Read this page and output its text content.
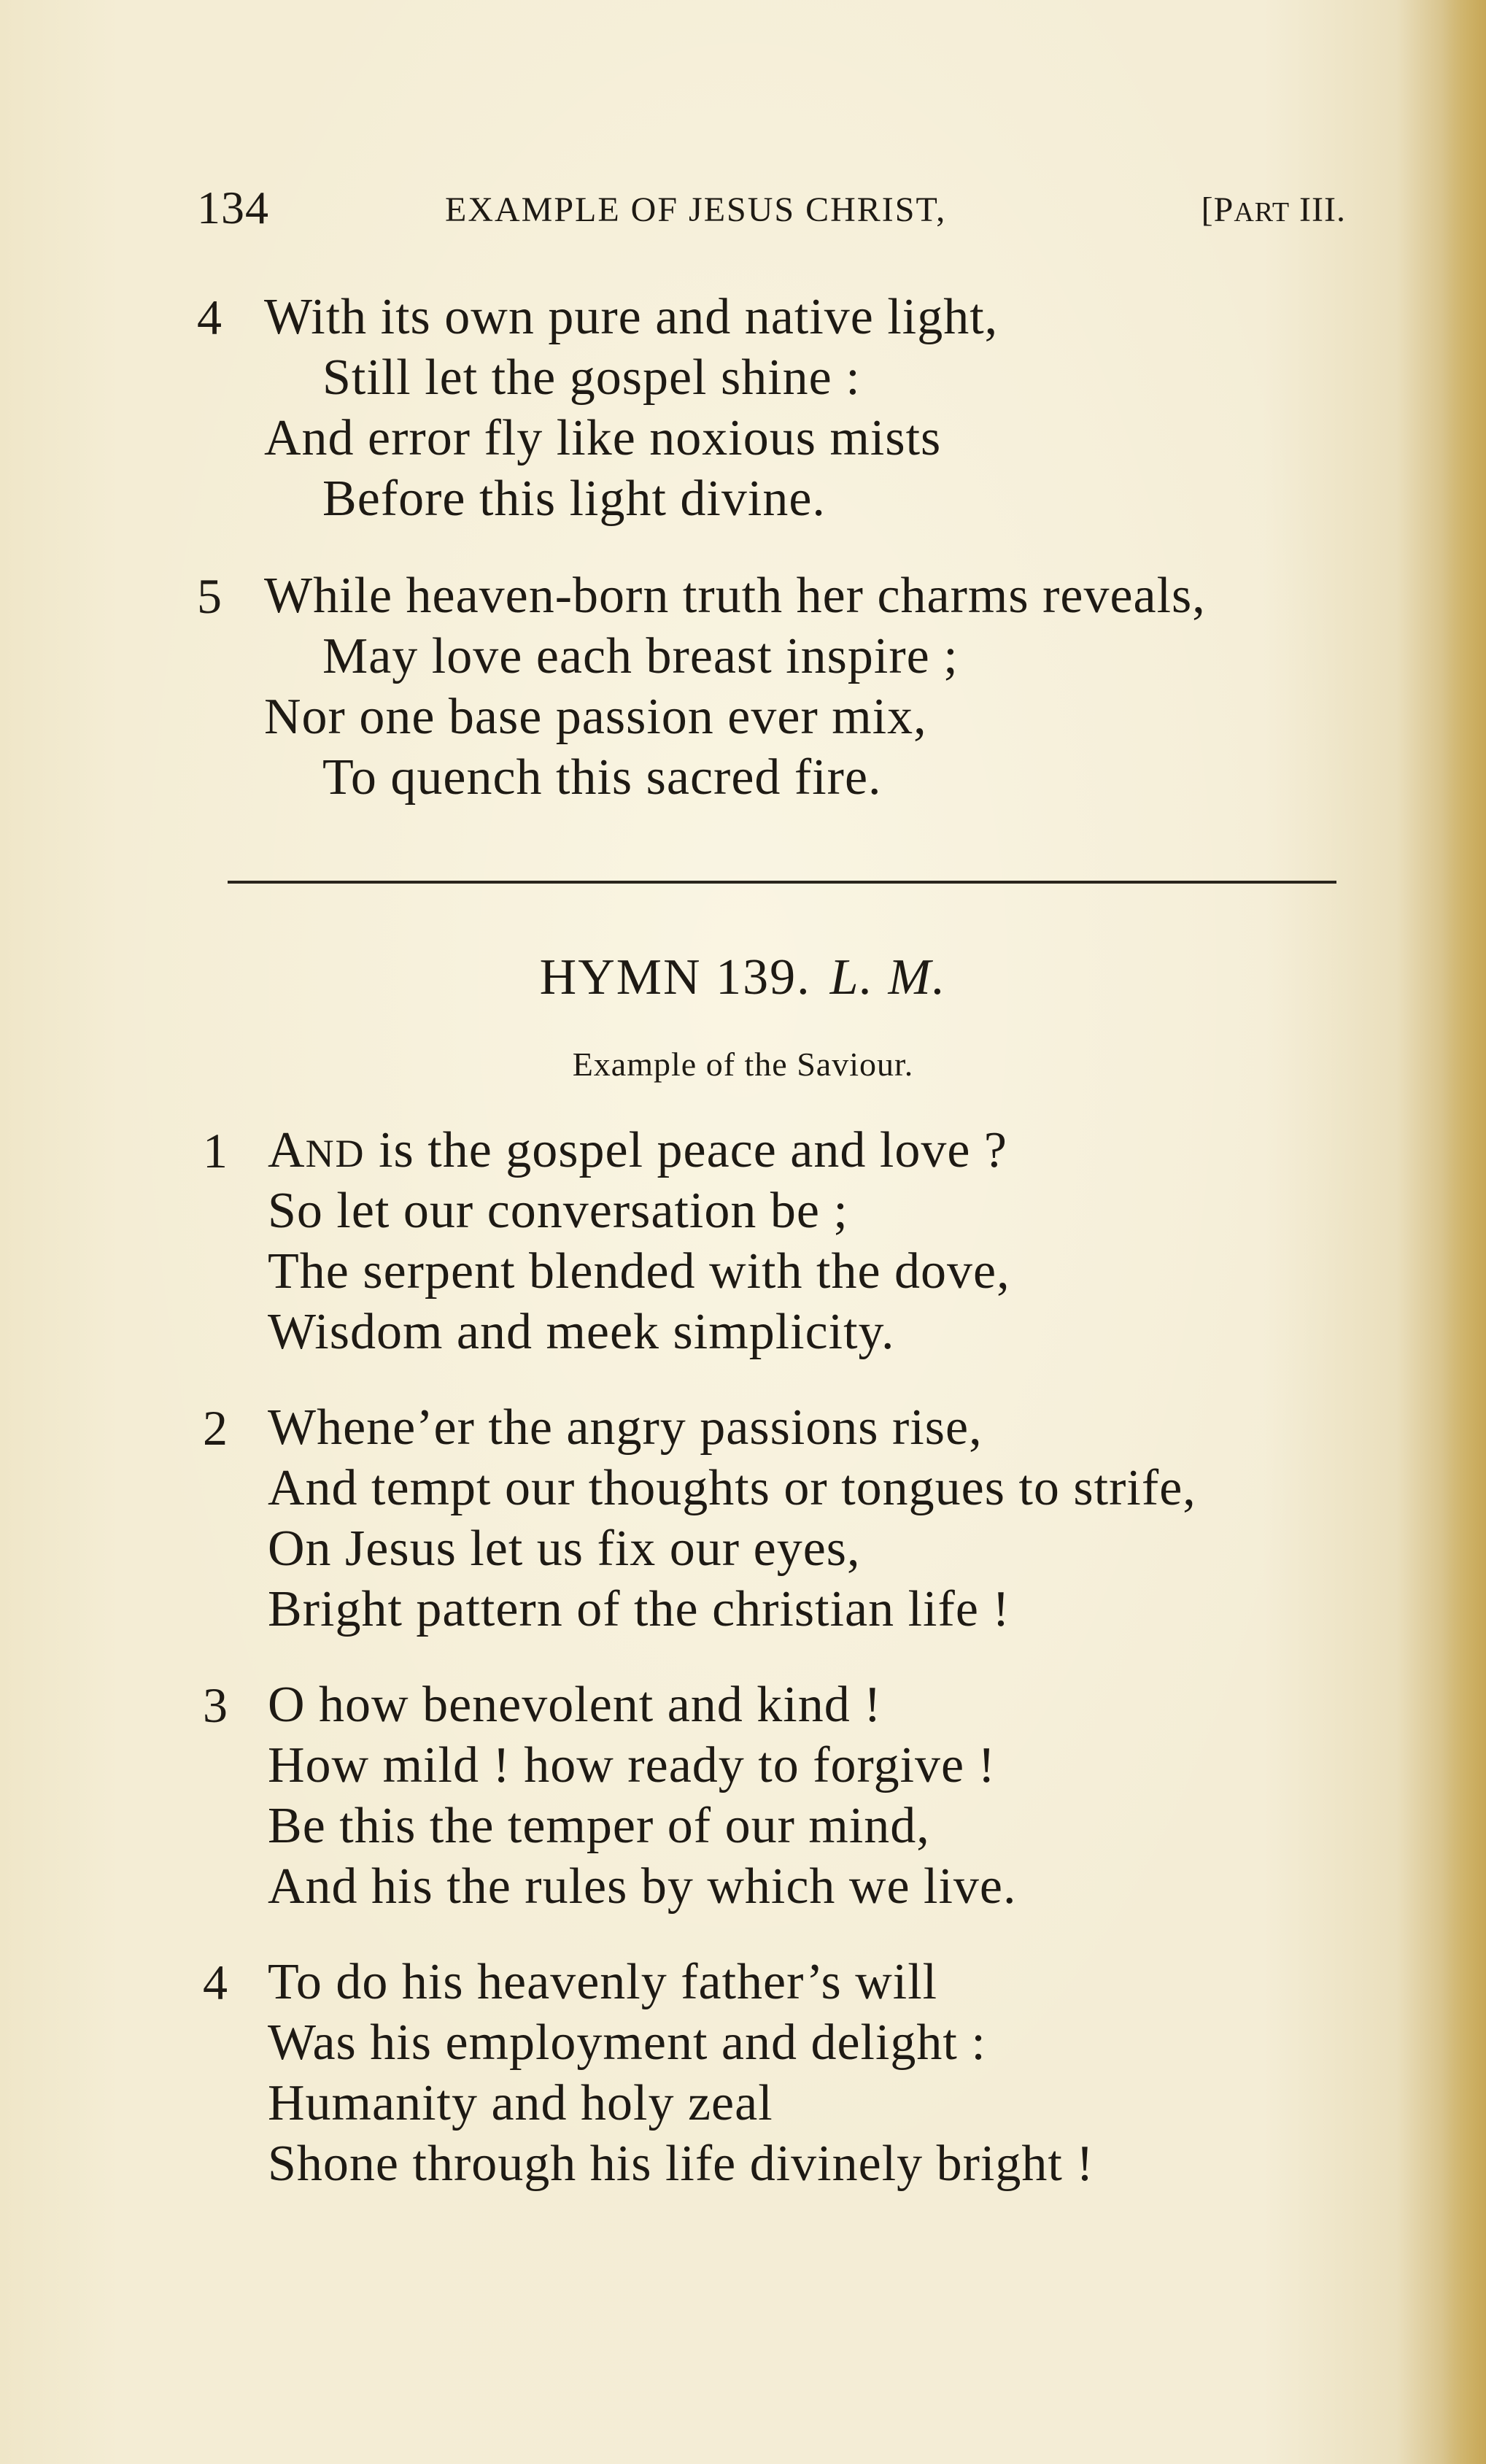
134	EXAMPLE OF JESUS CHRIST,	[PART III.
4 With its own pure and native light,
Still let the gospel shine :
And error fly like noxious mists
Before this light divine.
5 While heaven-born truth her charms reveals,
May love each breast inspire ;
Nor one base passion ever mix,
To quench this sacred fire.
HYMN 139. L. M.
Example of the Saviour.
1 AND is the gospel peace and love ?
So let our conversation be ;
The serpent blended with the dove,
Wisdom and meek simplicity.
2 Whene’er the angry passions rise,
And tempt our thoughts or tongues to strife,
On Jesus let us fix our eyes,
Bright pattern of the christian life !
3 O how benevolent and kind !
How mild ! how ready to forgive !
Be this the temper of our mind,
And his the rules by which we live.
4 To do his heavenly father’s will
Was his employment and delight :
Humanity and holy zeal
Shone through his life divinely bright !
